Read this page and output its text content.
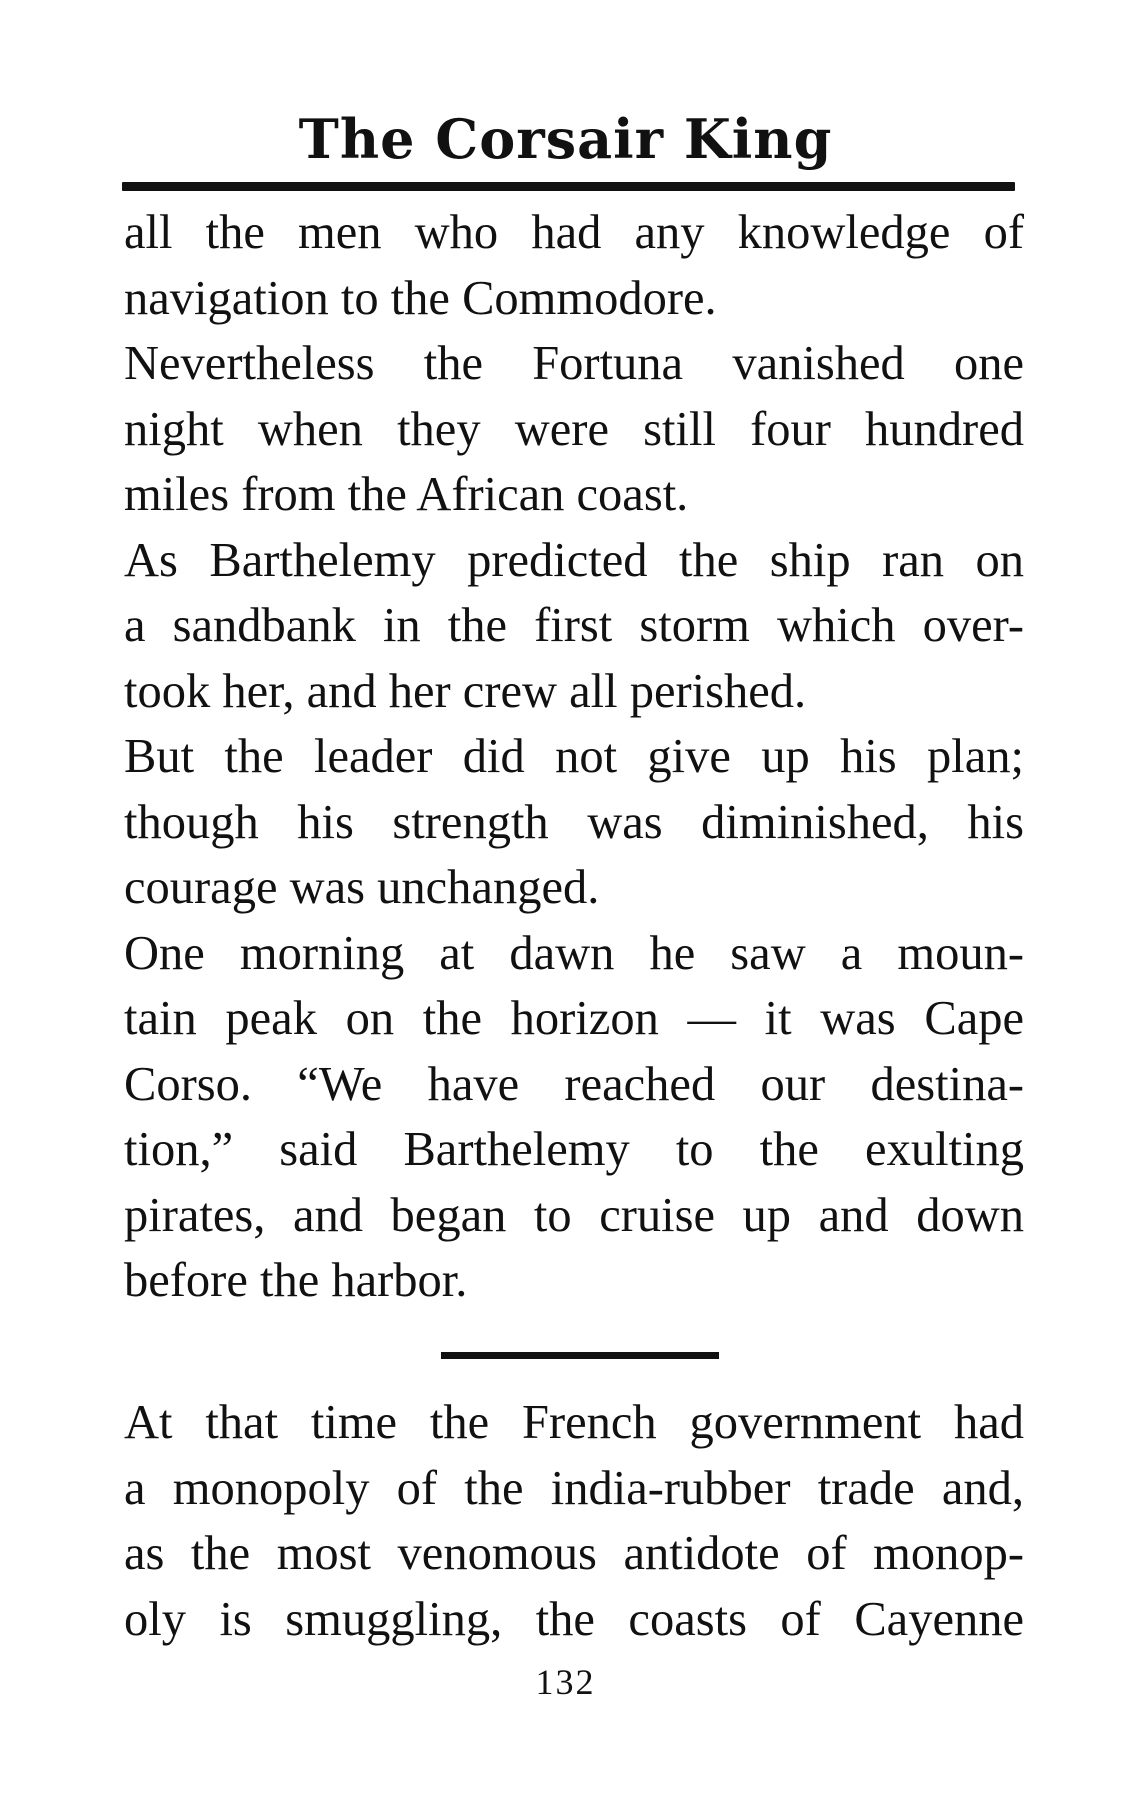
The Corsair King
all the men who had any knowledge of
navigation to the Commodore.
Nevertheless the Fortuna vanished one
night when they were still four hundred
miles from the African coast.
As Barthelemy predicted the ship ran on
a sandbank in the first storm which over-
took her, and her crew all perished.
But the leader did not give up his plan;
though his strength was diminished, his
courage was unchanged.
One morning at dawn he saw a moun-
tain peak on the horizon — it was Cape
Corso. “We have reached our destina-
tion,” said Barthelemy to the exulting
pirates, and began to cruise up and down
before the harbor.
At that time the French government had
a monopoly of the india-rubber trade and,
as the most venomous antidote of monop-
oly is smuggling, the coasts of Cayenne
132
